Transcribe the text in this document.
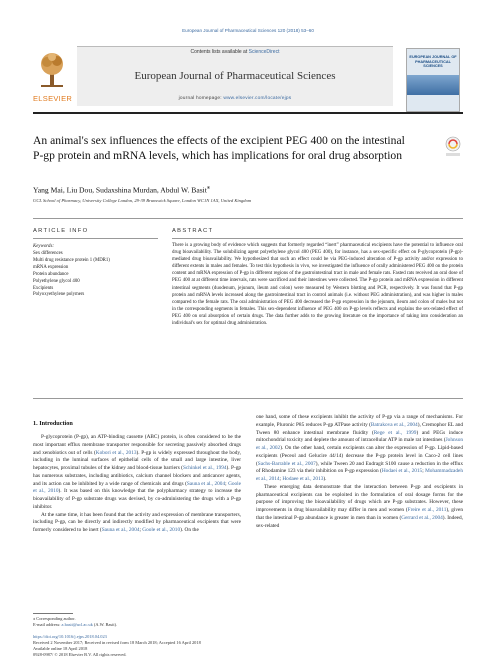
European Journal of Pharmaceutical Sciences 120 (2018) 53–60
ELSEVIER
Contents lists available at ScienceDirect
European Journal of Pharmaceutical Sciences
journal homepage: www.elsevier.com/locate/ejps
EUROPEAN JOURNAL OF PHARMACEUTICAL SCIENCES
An animal's sex influences the effects of the excipient PEG 400 on the intestinal P-gp protein and mRNA levels, which has implications for oral drug absorption
Yang Mai, Liu Dou, Sudaxshina Murdan, Abdul W. Basit⁎
UCL School of Pharmacy, University College London, 29-39 Brunswick Square, London WC1N 1AX, United Kingdom
ARTICLE INFO	ABSTRACT
Keywords:
Sex differences
Multi drug resistance protein 1 (MDR1)
mRNA expression
Protein abundance
Polyethylene glycol 400
Excipients
Polyoxyethylene polymers
There is a growing body of evidence which suggests that formerly regarded “inert” pharmaceutical excipients have the potential to influence oral drug bioavailability. The solubilizing agent polyethylene glycol 400 (PEG 400), for instance, has a sex-specific effect on P-glycoprotein (P-gp)-mediated drug bioavailability. We hypothesized that such an effect could be via PEG-induced alteration of P-gp activity and/or expression to different extents in males and females. To test this hypothesis in vivo, we investigated the influence of orally administered PEG 400 on the protein content and mRNA expression of P-gp in different regions of the gastrointestinal tract in male and female rats. Fasted rats received an oral dose of PEG 400 at at different time intervals, rats were sacrificed and their intestines were collected. The P-gp protein and mRNA expression in different intestinal segments (duodenum, jejunum, ileum and colon) were measured by Western blotting and PCR, respectively. It was found that P-gp protein and mRNA levels increased along the gastrointestinal tract in control animals (i.e. without PEG administration), and was higher in males compared to the female rats. The oral administration of PEG 400 decreased the P-gp expression in the jejunum, ileum and colon of males but not in the corresponding segments in females. This sex-dependent influence of PEG 400 on P-gp levels reflects and explains the sex-related effect of PEG 400 on oral absorption of certain drugs. The data further adds to the growing literature on the importance of taking into consideration an individual's sex for optimal drug administration.
1. Introduction

P-glycoprotein (P-gp), an ATP-binding cassette (ABC) protein, is often considered to be the most important efflux membrane transporter responsible for secreting passively absorbed drugs and xenobiotics out of cells (Kobori et al., 2013). P-gp is widely expressed throughout the body, including in the luminal surfaces of epithelial cells of the small and large intestine, liver hepatocytes, proximal tubules of the kidney and blood-tissue barriers (Schinkel et al., 1994). P-gp has numerous substrates, including antibiotics, calcium channel blockers and anticancer agents, and its action can be inhibited by a wide range of chemicals and drugs (Sauna et al., 2004; Goole et al., 2010). It was based on this knowledge that the polypharmacy strategy to increase the bioavailability of P-gp substrate drugs was devised, by co-administering the drugs with a P-gp inhibitor.

At the same time, it has been found that the activity and expression of membrane transporters, including P-gp, can be directly and indirectly modified by pharmaceutical excipients that were formerly considered to be inert (Sauna et al., 2004; Goole et al., 2010). On the

one hand, some of these excipients inhibit the activity of P-gp via a range of mechanisms. For example, Pluronic P85 reduces P-gp ATPase activity (Batrakova et al., 2004), Cremophor EL and Tween 80 enhance intestinal membrane fluidity (Rege et al., 1999) and PEGs induce mitochondrial toxicity and deplete the amount of intracellular ATP in male rat intestines (Johnson et al., 2002). On the other hand, certain excipients can alter the expression of P-gp. Lipid-based excipients (Peceol and Gelucire 44/14) decrease the P-gp protein level in Caco-2 cell lines (Sachs-Barrable et al., 2007), while Tween 20 and Eudragit S100 cause a reduction in the efflux of Rhodamine 123 via their inhibition on P-gp expression (Hodaei et al., 2015; Mohammadzadeh et al., 2014; Hodaee et al., 2013).

These emerging data demonstrate that the interaction between P-gp and excipients in pharmaceutical excipients can be exploited in the formulation of oral dosage forms for the purpose of improving the bioavailability of drugs which are P-gp substrates. However, these improvements in drug bioavailability may differ in men and women (Freire et al., 2011), given that the intestinal P-gp abundance is greater in men than in women (Gerrard et al., 2004). Indeed, sex-related

⁎ Corresponding author.
E-mail address: a.basit@ucl.ac.uk (A.W. Basit).
https://doi.org/10.1016/j.ejps.2018.04.023
Received 2 November 2017; Received in revised form 18 March 2018; Accepted 16 April 2018
Available online 18 April 2018
0928-0987/ © 2018 Elsevier B.V. All rights reserved.
